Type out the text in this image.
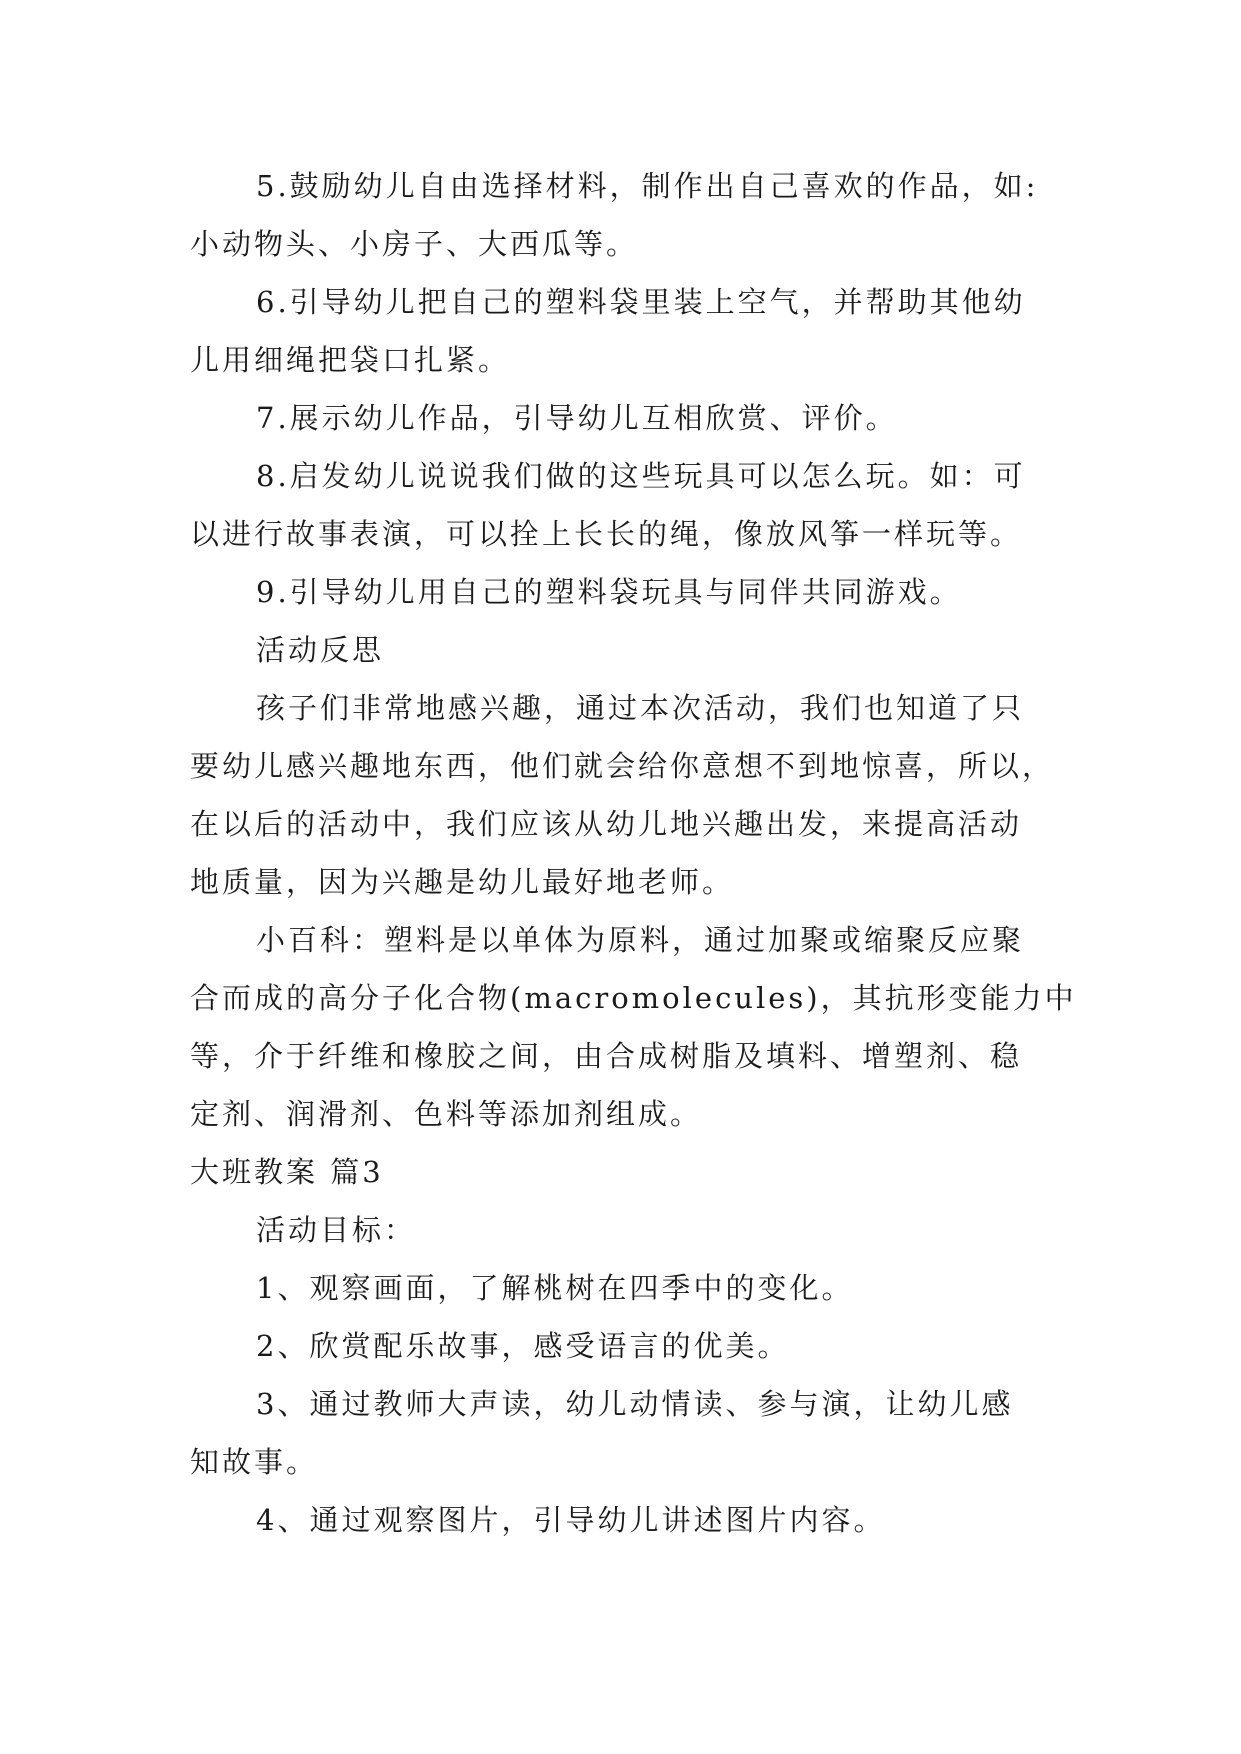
5.鼓励幼儿自由选择材料，制作出自己喜欢的作品，如:

小动物头、小房子、大西瓜等。

6.引导幼儿把自己的塑料袋里装上空气，并帮助其他幼

儿用细绳把袋口扎紧。

7.展示幼儿作品，引导幼儿互相欣赏、评价。

8.启发幼儿说说我们做的这些玩具可以怎么玩。如：可

以进行故事表演，可以拴上长长的绳，像放风筝一样玩等。

9.引导幼儿用自己的塑料袋玩具与同伴共同游戏。

活动反思

孩子们非常地感兴趣，通过本次活动，我们也知道了只

要幼儿感兴趣地东西，他们就会给你意想不到地惊喜，所以，

在以后的活动中，我们应该从幼儿地兴趣出发，来提高活动

地质量，因为兴趣是幼儿最好地老师。

小百科：塑料是以单体为原料，通过加聚或缩聚反应聚

合而成的高分子化合物(macromolecules)，其抗形变能力中

等，介于纤维和橡胶之间，由合成树脂及填料、增塑剂、稳

定剂、润滑剂、色料等添加剂组成。

大班教案 篇3

活动目标：

1、观察画面，了解桃树在四季中的变化。

2、欣赏配乐故事，感受语言的优美。

3、通过教师大声读，幼儿动情读、参与演，让幼儿感

知故事。

4、通过观察图片，引导幼儿讲述图片内容。
